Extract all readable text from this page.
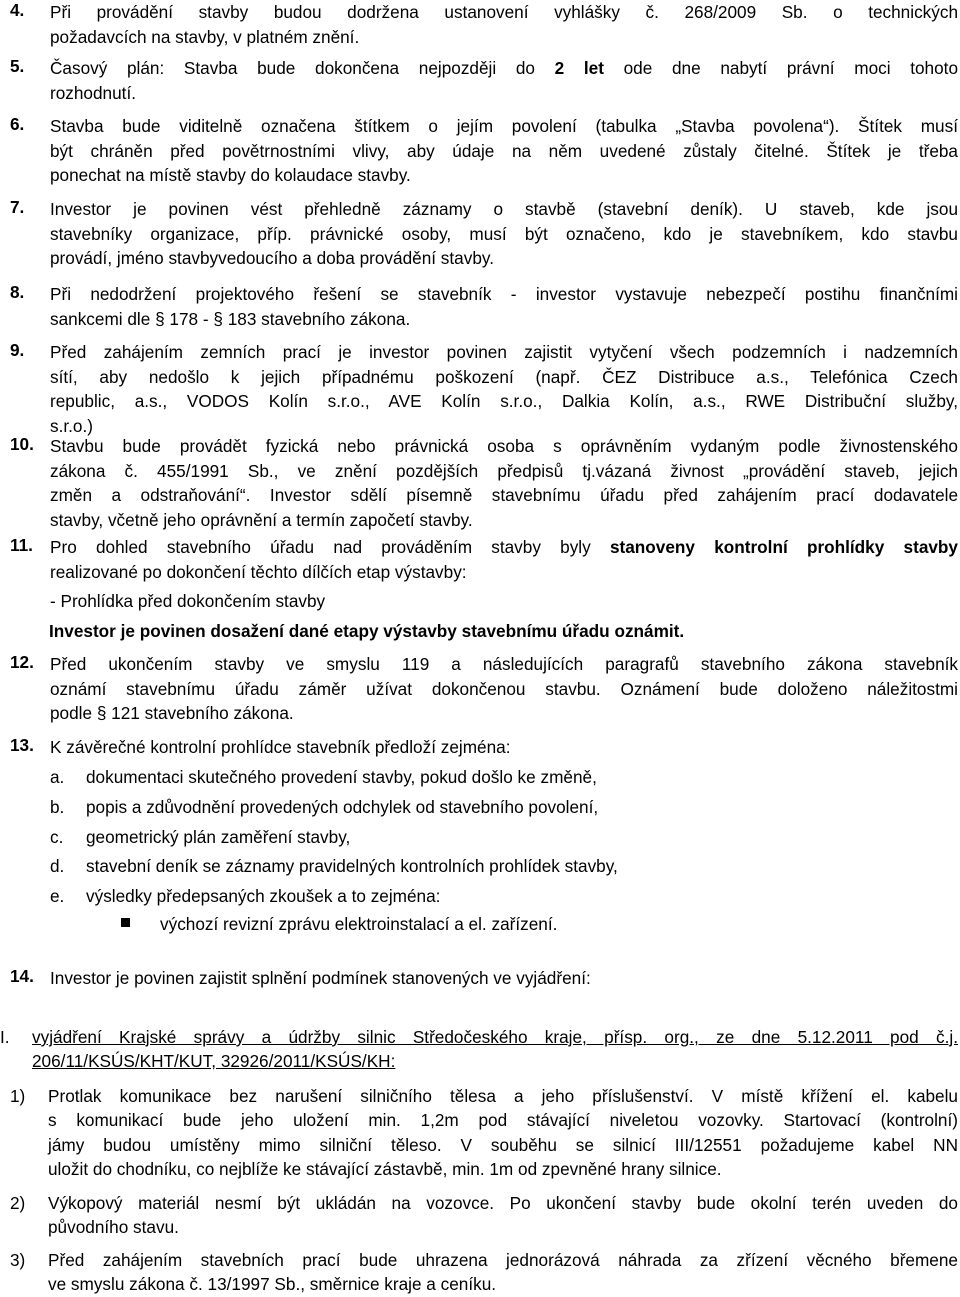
4.	Při provádění stavby budou dodržena ustanovení vyhlášky č. 268/2009 Sb. o technických
požadavcích na stavby, v platném znění.
5.	Časový plán: Stavba bude dokončena nejpozději do 2 let ode dne nabytí právní moci tohoto
rozhodnutí.
6.	Stavba bude viditelně označena štítkem o jejím povolení (tabulka „Stavba povolena“). Štítek musí
být chráněn před povětrnostními vlivy, aby údaje na něm uvedené zůstaly čitelné. Štítek je třeba
ponechat na místě stavby do kolaudace stavby.
7.	Investor je povinen vést přehledně záznamy o stavbě (stavební deník). U staveb, kde jsou
stavebníky organizace, příp. právnické osoby, musí být označeno, kdo je stavebníkem, kdo stavbu
provádí, jméno stavbyvedoucího a doba provádění stavby.
8.	Při nedodržení projektového řešení se stavebník - investor vystavuje nebezpečí postihu finančními
sankcemi dle § 178 - § 183 stavebního zákona.
9.	Před zahájením zemních prací je investor povinen zajistit vytyčení všech podzemních i nadzemních
sítí, aby nedošlo k jejich případnému poškození (např. ČEZ Distribuce a.s., Telefónica Czech
republic, a.s., VODOS Kolín s.r.o., AVE Kolín s.r.o., Dalkia Kolín, a.s., RWE Distribuční služby,
s.r.o.)
10. Stavbu bude provádět fyzická nebo právnická osoba s oprávněním vydaným podle živnostenského
zákona č. 455/1991 Sb., ve znění pozdějších předpisů tj.vázaná živnost „provádění staveb, jejich
změn a odstraňování“. Investor sdělí písemně stavebnímu úřadu před zahájením prací dodavatele
stavby, včetně jeho oprávnění a termín započetí stavby.
11. Pro dohled stavebního úřadu nad prováděním stavby byly stanoveny kontrolní prohlídky stavby
realizované po dokončení těchto dílčích etap výstavby:
- Prohlídka před dokončením stavby
Investor je povinen dosažení dané etapy výstavby stavebnímu úřadu oznámit.
12. Před ukončením stavby ve smyslu 119 a následujících paragrafů stavebního zákona stavebník
oznámí stavebnímu úřadu záměr užívat dokončenou stavbu. Oznámení bude doloženo náležitostmi
podle § 121 stavebního zákona.
13. K závěrečné kontrolní prohlídce stavebník předloží zejména:
a. dokumentaci skutečného provedení stavby, pokud došlo ke změně,
b. popis a zdůvodnění provedených odchylek od stavebního povolení,
c. geometrický plán zaměření stavby,
d. stavební deník se záznamy pravidelných kontrolních prohlídek stavby,
e. výsledky předepsaných zkoušek a to zejména:
výchozí revizní zprávu elektroinstalací a el. zařízení.
14. Investor je povinen zajistit splnění podmínek stanovených ve vyjádření:
I. vyjádření Krajské správy a údržby silnic Středočeského kraje, přísp. org., ze dne 5.12.2011 pod č.j.
206/11/KSÚS/KHT/KUT, 32926/2011/KSÚS/KH:
1) Protlak komunikace bez narušení silničního tělesa a jeho příslušenství. V místě křížení el. kabelu
s komunikací bude jeho uložení min. 1,2m pod stávající niveletou vozovky. Startovací (kontrolní)
jámy budou umístěny mimo silniční těleso. V souběhu se silnicí III/12551 požadujeme kabel NN
uložit do chodníku, co nejblíže ke stávající zástavbě, min. 1m od zpevněné hrany silnice.
2) Výkopový materiál nesmí být ukládán na vozovce. Po ukončení stavby bude okolní terén uveden do
původního stavu.
3) Před zahájením stavebních prací bude uhrazena jednorázová náhrada za zřízení věcného břemene
ve smyslu zákona č. 13/1997 Sb., směrnice kraje a ceníku.
